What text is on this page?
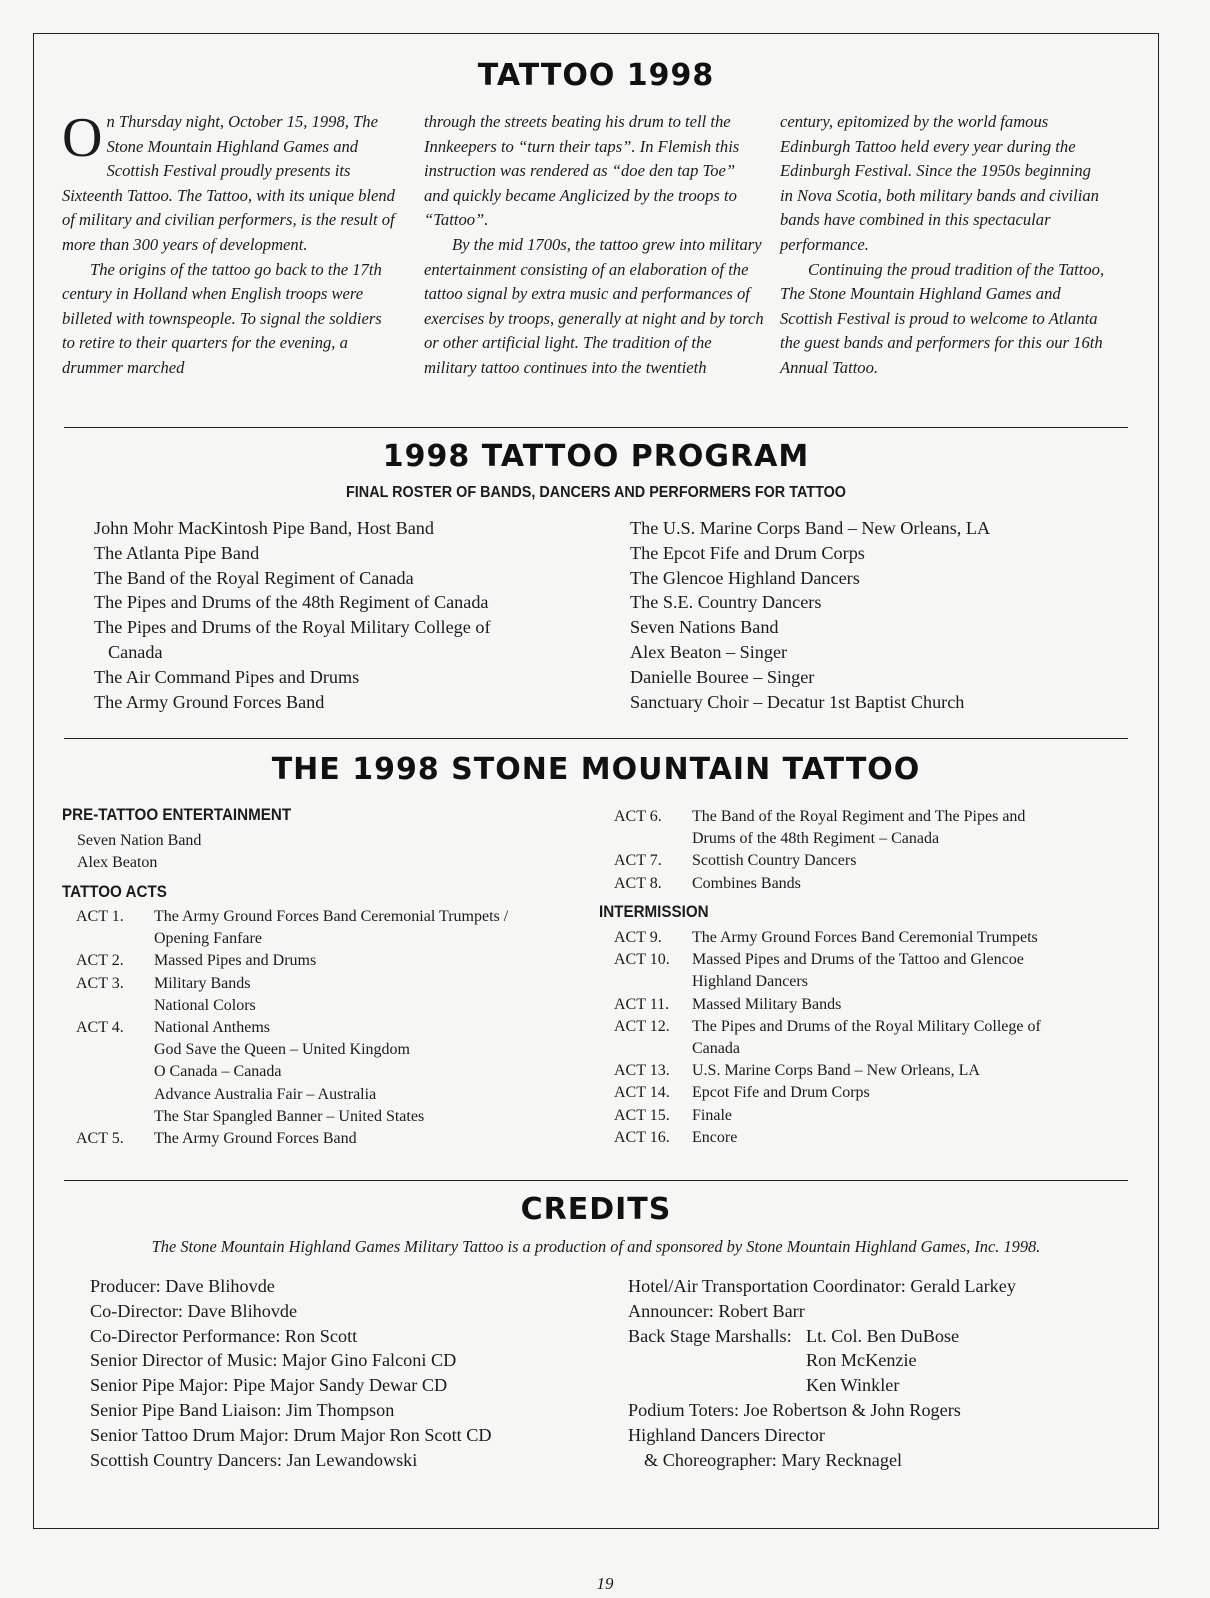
TATTOO 1998

On Thursday night, October 15, 1998, The Stone Mountain Highland Games and Scottish Festival proudly presents its Sixteenth Tattoo. The Tattoo, with its unique blend of military and civilian performers, is the result of more than 300 years of development.

The origins of the tattoo go back to the 17th century in Holland when English troops were billeted with townspeople. To signal the soldiers to retire to their quarters for the evening, a drummer marched

through the streets beating his drum to tell the Innkeepers to “turn their taps”. In Flemish this instruction was rendered as “doe den tap Toe” and quickly became Anglicized by the troops to “Tattoo”.

By the mid 1700s, the tattoo grew into military entertainment consisting of an elaboration of the tattoo signal by extra music and performances of exercises by troops, generally at night and by torch or other artificial light. The tradition of the military tattoo continues into the twentieth

century, epitomized by the world famous Edinburgh Tattoo held every year during the Edinburgh Festival. Since the 1950s beginning in Nova Scotia, both military bands and civilian bands have combined in this spectacular performance.

Continuing the proud tradition of the Tattoo, The Stone Mountain Highland Games and Scottish Festival is proud to welcome to Atlanta the guest bands and performers for this our 16th Annual Tattoo.

1998 TATTOO PROGRAM
FINAL ROSTER OF BANDS, DANCERS AND PERFORMERS FOR TATTOO
John Mohr MacKintosh Pipe Band, Host Band
The Atlanta Pipe Band
The Band of the Royal Regiment of Canada
The Pipes and Drums of the 48th Regiment of Canada
The Pipes and Drums of the Royal Military College of
Canada
The Air Command Pipes and Drums
The Army Ground Forces Band
The U.S. Marine Corps Band – New Orleans, LA
The Epcot Fife and Drum Corps
The Glencoe Highland Dancers
The S.E. Country Dancers
Seven Nations Band
Alex Beaton – Singer
Danielle Bouree – Singer
Sanctuary Choir – Decatur 1st Baptist Church
THE 1998 STONE MOUNTAIN TATTOO
PRE-TATTOO ENTERTAINMENT
Seven Nation Band
Alex Beaton
TATTOO ACTS
ACT 1.	The Army Ground Forces Band Ceremonial Trumpets /
Opening Fanfare
ACT 2.	Massed Pipes and Drums
ACT 3.	Military Bands
National Colors
ACT 4.	National Anthems
God Save the Queen – United Kingdom
O Canada – Canada
Advance Australia Fair – Australia
The Star Spangled Banner – United States
ACT 5.	The Army Ground Forces Band
ACT 6.	The Band of the Royal Regiment and The Pipes and
Drums of the 48th Regiment – Canada
ACT 7.	Scottish Country Dancers
ACT 8.	Combines Bands
INTERMISSION
ACT 9.	The Army Ground Forces Band Ceremonial Trumpets
ACT 10.	Massed Pipes and Drums of the Tattoo and Glencoe
Highland Dancers
ACT 11.	Massed Military Bands
ACT 12.	The Pipes and Drums of the Royal Military College of
Canada
ACT 13.	U.S. Marine Corps Band – New Orleans, LA
ACT 14.	Epcot Fife and Drum Corps
ACT 15.	Finale
ACT 16.	Encore
CREDITS
The Stone Mountain Highland Games Military Tattoo is a production of and sponsored by Stone Mountain Highland Games, Inc. 1998.
Producer: Dave Blihovde
Co-Director: Dave Blihovde
Co-Director Performance: Ron Scott
Senior Director of Music: Major Gino Falconi CD
Senior Pipe Major: Pipe Major Sandy Dewar CD
Senior Pipe Band Liaison: Jim Thompson
Senior Tattoo Drum Major: Drum Major Ron Scott CD
Scottish Country Dancers: Jan Lewandowski
Hotel/Air Transportation Coordinator: Gerald Larkey
Announcer: Robert Barr
Back Stage Marshalls: Lt. Col. Ben DuBose
Ron McKenzie
Ken Winkler
Podium Toters: Joe Robertson & John Rogers
Highland Dancers Director
& Choreographer: Mary Recknagel
19
